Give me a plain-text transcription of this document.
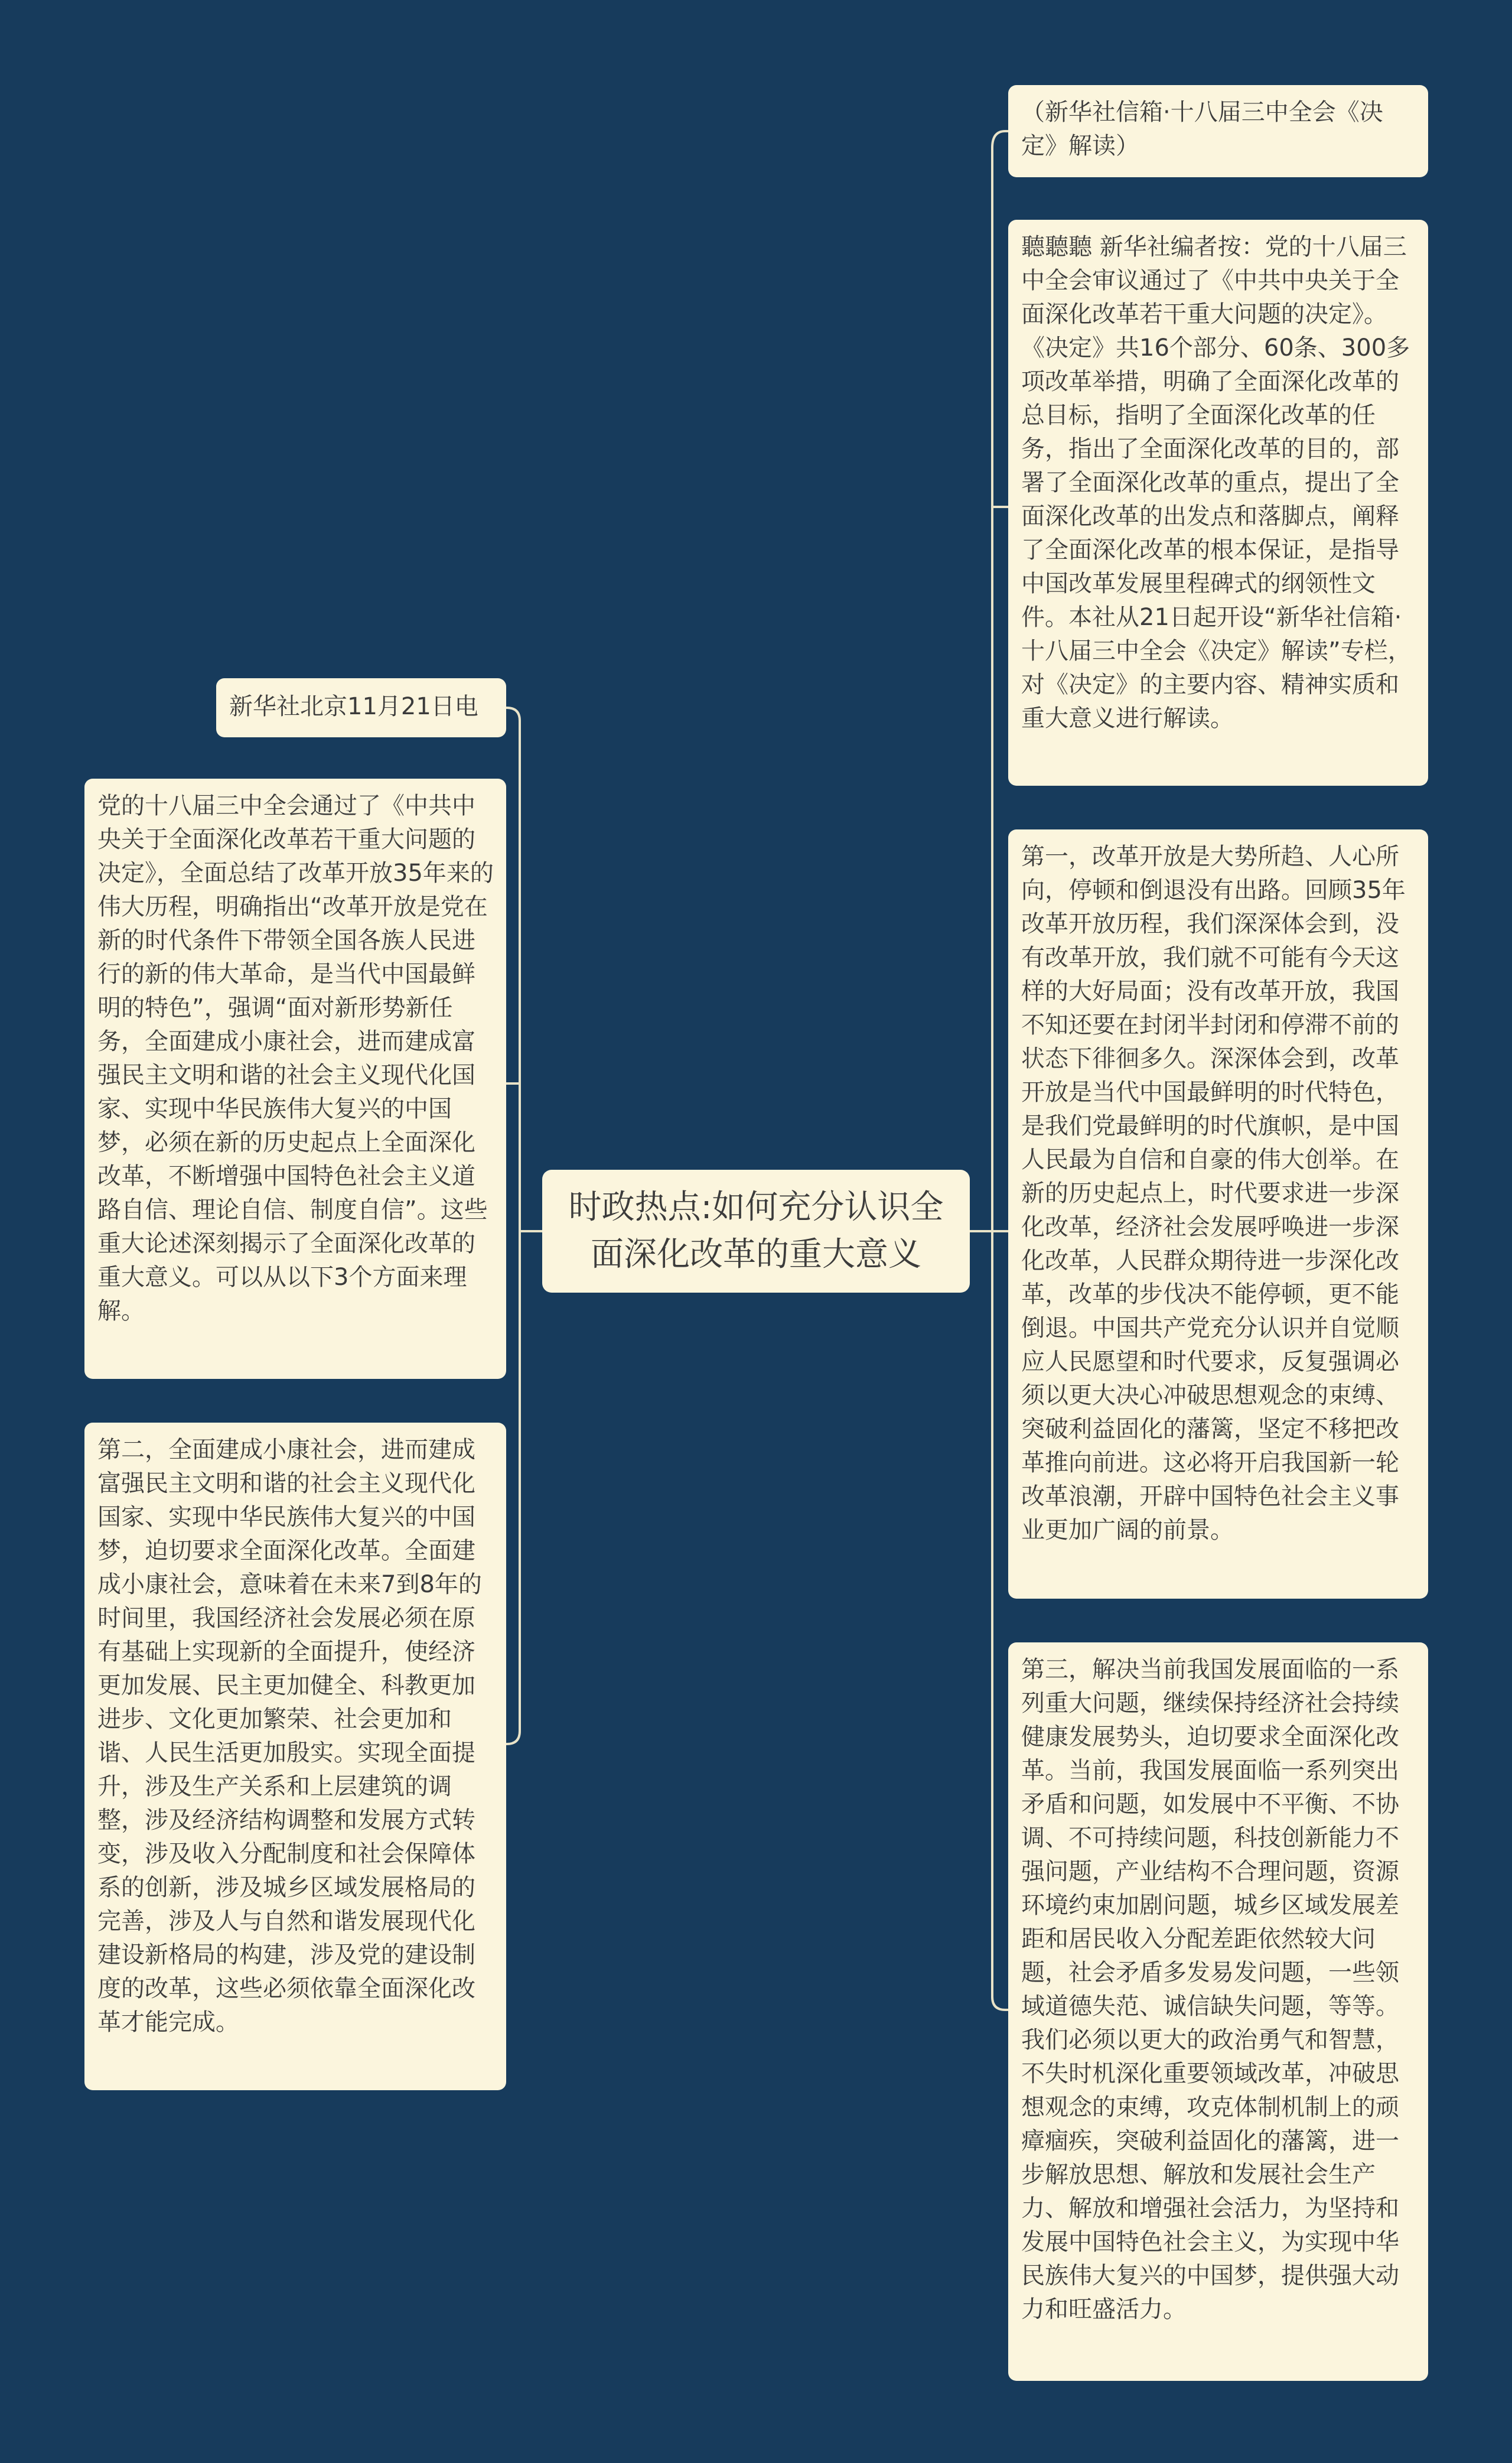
时政热点:如何充分认识全面深化改革的重大意义
新华社北京11月21日电
党的十八届三中全会通过了《中共中央关于全面深化改革若干重大问题的决定》，全面总结了改革开放35年来的伟大历程，明确指出“改革开放是党在新的时代条件下带领全国各族人民进行的新的伟大革命，是当代中国最鲜明的特色”，强调“面对新形势新任务，全面建成小康社会，进而建成富强民主文明和谐的社会主义现代化国家、实现中华民族伟大复兴的中国梦，必须在新的历史起点上全面深化改革，不断增强中国特色社会主义道路自信、理论自信、制度自信”。这些重大论述深刻揭示了全面深化改革的重大意义。可以从以下3个方面来理解。
第二，全面建成小康社会，进而建成富强民主文明和谐的社会主义现代化国家、实现中华民族伟大复兴的中国梦，迫切要求全面深化改革。全面建成小康社会，意味着在未来7到8年的时间里，我国经济社会发展必须在原有基础上实现新的全面提升，使经济更加发展、民主更加健全、科教更加进步、文化更加繁荣、社会更加和谐、人民生活更加殷实。实现全面提升，涉及生产关系和上层建筑的调整，涉及经济结构调整和发展方式转变，涉及收入分配制度和社会保障体系的创新，涉及城乡区域发展格局的完善，涉及人与自然和谐发展现代化建设新格局的构建，涉及党的建设制度的改革，这些必须依靠全面深化改革才能完成。
（新华社信箱·十八届三中全会《决定》解读）
聽聽聽 新华社编者按：党的十八届三中全会审议通过了《中共中央关于全面深化改革若干重大问题的决定》。《决定》共16个部分、60条、300多项改革举措，明确了全面深化改革的总目标，指明了全面深化改革的任务，指出了全面深化改革的目的，部署了全面深化改革的重点，提出了全面深化改革的出发点和落脚点，阐释了全面深化改革的根本保证，是指导中国改革发展里程碑式的纲领性文件。本社从21日起开设“新华社信箱·十八届三中全会《决定》解读”专栏，对《决定》的主要内容、精神实质和重大意义进行解读。
第一，改革开放是大势所趋、人心所向，停顿和倒退没有出路。回顾35年改革开放历程，我们深深体会到，没有改革开放，我们就不可能有今天这样的大好局面；没有改革开放，我国不知还要在封闭半封闭和停滞不前的状态下徘徊多久。深深体会到，改革开放是当代中国最鲜明的时代特色，是我们党最鲜明的时代旗帜，是中国人民最为自信和自豪的伟大创举。在新的历史起点上，时代要求进一步深化改革，经济社会发展呼唤进一步深化改革，人民群众期待进一步深化改革，改革的步伐决不能停顿，更不能倒退。中国共产党充分认识并自觉顺应人民愿望和时代要求，反复强调必须以更大决心冲破思想观念的束缚、突破利益固化的藩篱，坚定不移把改革推向前进。这必将开启我国新一轮改革浪潮，开辟中国特色社会主义事业更加广阔的前景。
第三，解决当前我国发展面临的一系列重大问题，继续保持经济社会持续健康发展势头，迫切要求全面深化改革。当前，我国发展面临一系列突出矛盾和问题，如发展中不平衡、不协调、不可持续问题，科技创新能力不强问题，产业结构不合理问题，资源环境约束加剧问题，城乡区域发展差距和居民收入分配差距依然较大问题，社会矛盾多发易发问题，一些领域道德失范、诚信缺失问题，等等。我们必须以更大的政治勇气和智慧，不失时机深化重要领域改革，冲破思想观念的束缚，攻克体制机制上的顽瘴痼疾，突破利益固化的藩篱，进一步解放思想、解放和发展社会生产力、解放和增强社会活力，为坚持和发展中国特色社会主义，为实现中华民族伟大复兴的中国梦，提供强大动力和旺盛活力。
